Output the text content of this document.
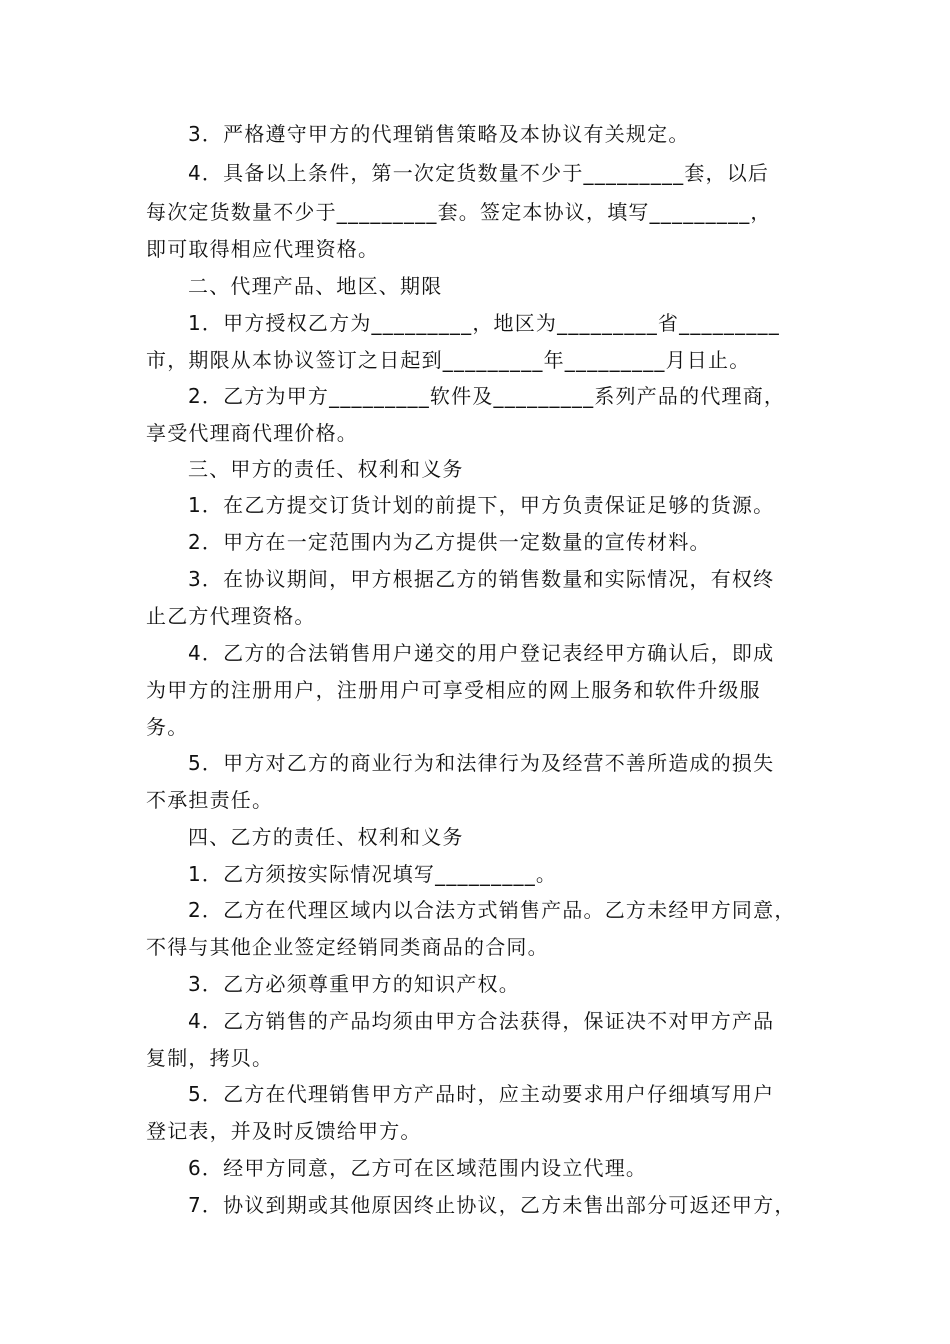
3．严格遵守甲方的代理销售策略及本协议有关规定。
4．具备以上条件，第一次定货数量不少于_________套，以后
每次定货数量不少于_________套。签定本协议，填写_________，
即可取得相应代理资格。
二、代理产品、地区、期限
1．甲方授权乙方为_________，地区为_________省_________
市，期限从本协议签订之日起到_________年_________月日止。
2．乙方为甲方_________软件及_________系列产品的代理商，
享受代理商代理价格。
三、甲方的责任、权利和义务
1．在乙方提交订货计划的前提下，甲方负责保证足够的货源。
2．甲方在一定范围内为乙方提供一定数量的宣传材料。
3．在协议期间，甲方根据乙方的销售数量和实际情况，有权终
止乙方代理资格。
4．乙方的合法销售用户递交的用户登记表经甲方确认后，即成
为甲方的注册用户，注册用户可享受相应的网上服务和软件升级服
务。
5．甲方对乙方的商业行为和法律行为及经营不善所造成的损失
不承担责任。
四、乙方的责任、权利和义务
1．乙方须按实际情况填写_________。
2．乙方在代理区域内以合法方式销售产品。乙方未经甲方同意，
不得与其他企业签定经销同类商品的合同。
3．乙方必须尊重甲方的知识产权。
4．乙方销售的产品均须由甲方合法获得，保证决不对甲方产品
复制，拷贝。
5．乙方在代理销售甲方产品时，应主动要求用户仔细填写用户
登记表，并及时反馈给甲方。
6．经甲方同意，乙方可在区域范围内设立代理。
7．协议到期或其他原因终止协议，乙方未售出部分可返还甲方，
